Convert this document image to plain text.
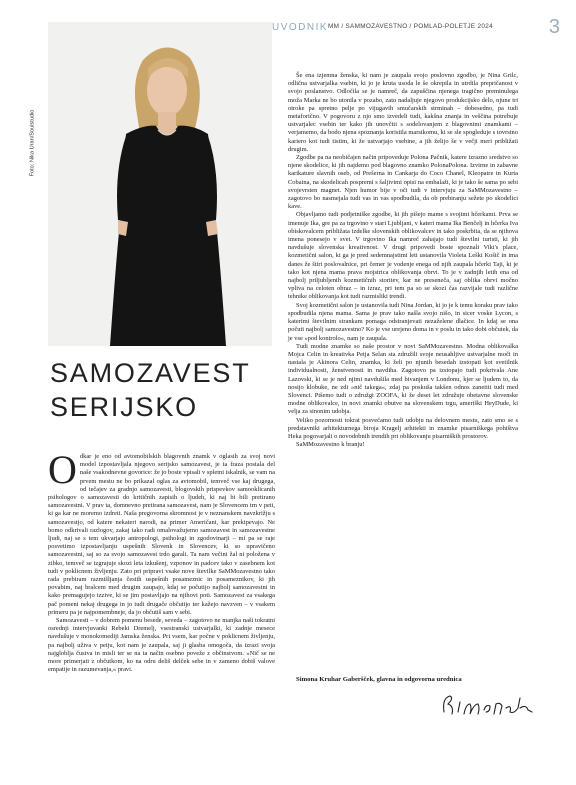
UVODNIK MM / SAMMOZAVESTNO / POMLAD-POLETJE 2024	3
Foto: Nika Uran/Soulstudio
SAMOZAVEST
SERIJSKO

Odkar je eno od avtomobilskih blagovnih znamk v oglasih za svoj novi model izpostavljala njegovo serijsko samozavest, je ta fraza postala del naše vsakodnevne govorice: že jo boste vpisali v spletni iskalnik, se vam na prvem mestu ne bo prikazal oglas za avtomobil, temveč vse kaj drugega, od tečajev za gradnjo samozavesti, blogovskih prispevkov samooklicanih psihologov o samozavesti do kritičnih zapisih o ljudeh, ki naj bi bili pretirano samozavestni. V prav ta, domnevno pretirana samozavest, nam je Slovencem trn v peti, ki ga kar ne moremo izdreti. Naša pregovorna skromnost je v neznanskem navzkrižju s samozavestjo, od katere nekateri narodi, na primer Američani, kar prekipevajo. Ne bomo odkrivali razlogov, zakaj tako radi omalovažujemo samozavest in samozavestne ljudi, naj se s tem ukvarjajo antropologi, psihologi in zgodovinarji – mi pa se raje posvetimo izpostavljanju uspešnih Slovenk in Slovencev, ki so upravičeno samozavestni, saj so za svojo samozavest trdo garali. Ta nam večini žal ni položena v zibko, temveč se izgrajuje skozi leta izkušenj, vzponov in padcev tako v zasebnem kot tudi v poklicnem življenju. Zato pri pripravi vsake nove številke SaMMozavestno tako rada prebiram razmišljanja čestih uspešnih posameznic in posameznikov, ki jih povabim, naj bralcem med drugim zaupajo, kdaj se počutijo najbolj samozavestni in kako premagujejo izzive, ki se jim postavljajo na njihovi poti. Samozavest za vsakega pač pomeni nekaj drugega in jo tudi drugače občutijo ter kažejo navzven – v vsakem primeru pa je najpomembneje, da jo občutiš sam v sebi.

Samozavesti – v dobrem pomenu besede, seveda – zagotovo ne manjka naši tokratni osrednji intervjuvanki Rebeki Dremelj, vsestranski ustvarjalki, ki zadnje mesece navdušuje v monokomediji Jamska ženska. Pri vsem, kar počne v poklicnem življenju, pa najbolj uživa v petju, kot nam je zaupala, saj ji glasba omogoča, da izrazi svoja najgloblja čustva in misli ter se na ta način osebno poveže z občinstvom. »Nič se ne more primerjati z občutkom, ko na odru deliš delček sebe in v zameno dobiš valove empatije in razumevanja,« pravi.

Še ena izjemna ženska, ki nam je zaupala svojo poslovno zgodbo, je Nina Grilc, odlična ustvarjalka vsebin, ki jo je kruta usoda le še okrepila in utrdila prepričanost v svojo poslanstvo. Odločila se je namreč, da zapuščina njenega tragično preminulega moža Marka ne bo utonila v pozabo, zato nadaljuje njegovo produkcijsko delo, njune tri otroke pa spretno pelje po vijugavih smučarskih strminah – dobesedno, pa tudi metaforično. V pogovoru z njo smo izvedeli tudi, kakšna znanja in veščina potrebuje ustvarjalec vsebin ter kako jih unovčiti s sodelovanjem z blagovnimi znamkami – verjamemo, da bodo njena spoznanja koristila marsikomu, ki se sle spogleduje s tovrstno kariero kot tudi tistim, ki že ustvarjajo vsebine, a jih želijo še v večji meri približati drugim.

Zgodbe pa na neobičajen način pripoveduje Polona Pačnik, katere izrazno sredstvo so njene skodelice, ki jih najdemo pod blagovno znamko PolonaPolona. Izvirne in zabavne karikature slavnih oseb, od Prešerna in Cankarja do Coco Chanel, Kleopatre in Kurta Cobaina, na skodelicah pospremi s šaljivimi opisi na embalaži, ki je tako še sama po sebi svojevrsten magnet. Njen humor bije v oči tudi v intervjuju za SaMMozavestno – zagotovo bo nasmejala tudi vas in vas spodbudila, da ob prebiranju sežete po skodelici kave.

Objavljamo tudi podjetniške zgodbe, ki jih pišejo mame s svojimi hčerkami. Prva se imenuje Ika, gre pa za trgovino v stari Ljubljani, v kateri mama Ika Benčelj in hčerka Iva obiskovalcem približata izdelke slovenskih oblikovalcev in tako poskrbita, da se njihova imena ponesejo v svet. V trgovino Ika namreč zahajajo tudi številni turisti, ki jih navdušuje slovenska kreativnost. V drugi pripovedi boste spoznali Viki's place, kozmetični salon, ki ga je pred sedemnajstimi leti ustanovila Violeta Leški Košič in ima danes že štiri poslovalnice, pri čemer je vodenje enega od njih zaupala hčerki Taji, ki je tako kot njena mama prava mojstrica oblikovanja obrvi. To je v zadnjih letih ena od najbolj priljubljenih kozmetičnih storitev, kar ne preseneča, saj oblika obrvi močno vpliva na celoten obraz – in izraz, pri tem pa so se skozi čas razvijale tudi različne tehnike oblikovanja kot tudi razmisliki trendi.

Svoj kozmetični salon je ustanovila tudi Nina Jordan, ki jo je k temu koraku prav tako spodbudila njena mama. Sama je prav tako našla svojo nišo, in sicer voske Lycon, s katerimi številnim strankam pomaga odstranjevati nezaželene dlačice. In kdaj se ona počuti najbolj samozavestno? Ko je vse urejeno doma in v poslu in tako dobi občutek, da je vse »pod kontrolo«, nam je zaupala.

Tudi modne znamke so naše prostor v novi SaMMozavestno. Modna oblikovalka Mojca Celin in kreativka Petja Selan sta združili svoje neusahljive ustvarjalne moči in nastala je Akinora Celin, znamka, ki želi po njunih besedah izstopati kot svetilnik individualnosti, ženstvenosti in navdiha. Zagotovo pa izstopajo tudi pokrivala Ane Lazovski, ki se je ned njimi navdušila med bivanjem v Londonu, kjer se ljudem to, da nosijo klobuke, ne zdi »nič takega«, zdaj pa poskuša takšen odnos zanetiti tudi med Slovenci. Pišemo tudi o združgi ZOOFA, ki že deset let združuje obetavne slovenske modne oblikovalce, in novi znamki obutve na slovenskem trgu, ameriški HeyDude, ki velja za sinonim udobja.

Veliko pozornosti tokrat posvečamo tudi udobju na delovnem mestu, zato smo se s predstavniki arhitekturnega biroja Kragelj arhitekti in znamke pisarniškega pohištva Heka pogovarjali o novodobnih trendih pri oblikovanju pisarniških prostorov.

SaMMozavestno k branju!

Simona Kruhar Gaberšček, glavna in odgovorna urednica
